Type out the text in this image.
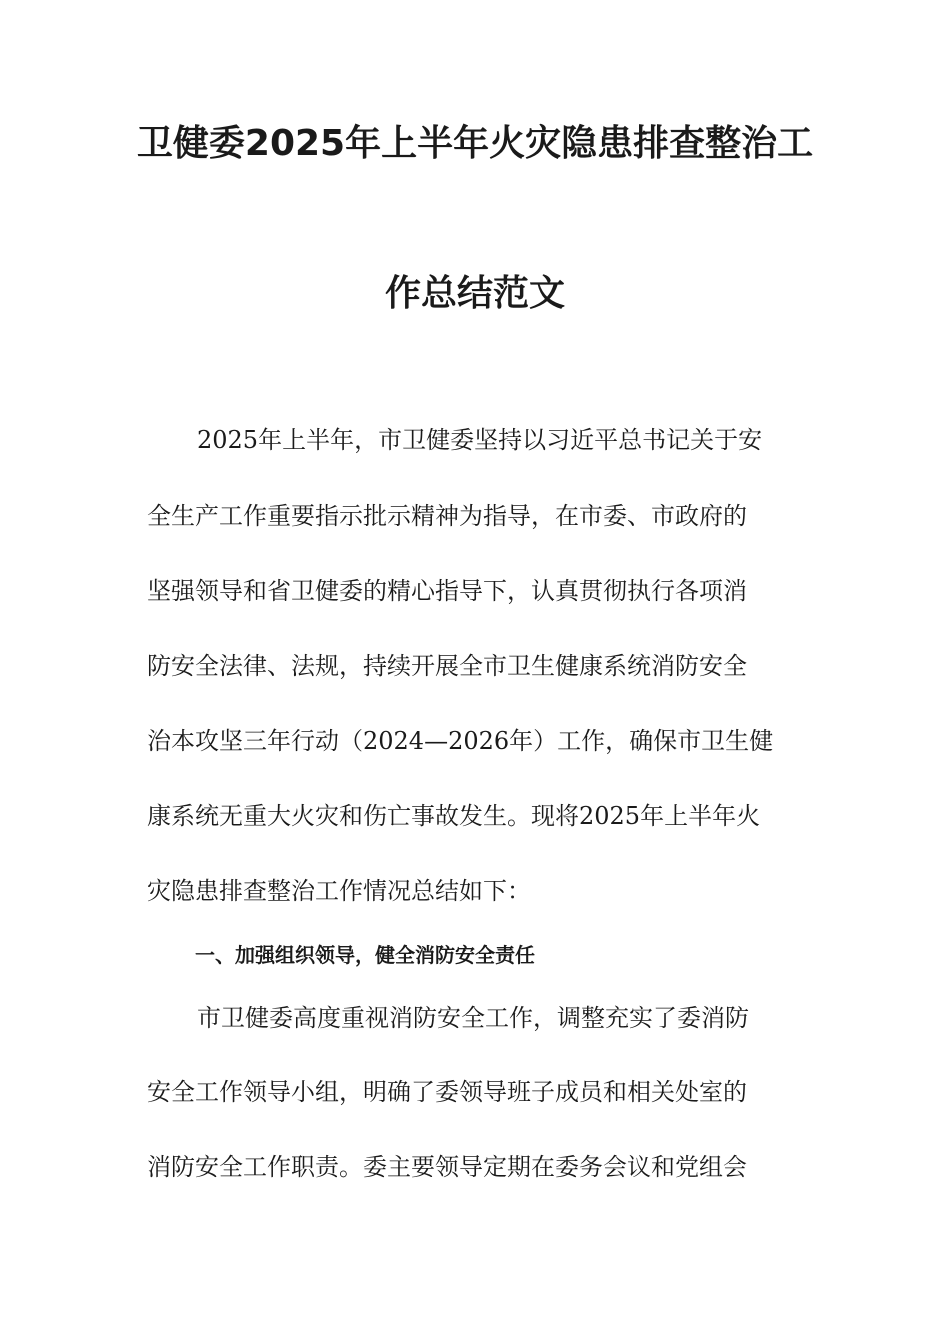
卫健委2025年上半年火灾隐患排查整治工
作总结范文
2025年上半年，市卫健委坚持以习近平总书记关于安
全生产工作重要指示批示精神为指导，在市委、市政府的
坚强领导和省卫健委的精心指导下，认真贯彻执行各项消
防安全法律、法规，持续开展全市卫生健康系统消防安全
治本攻坚三年行动（2024—2026年）工作，确保市卫生健
康系统无重大火灾和伤亡事故发生。现将2025年上半年火
灾隐患排查整治工作情况总结如下：
一、加强组织领导，健全消防安全责任
市卫健委高度重视消防安全工作，调整充实了委消防
安全工作领导小组，明确了委领导班子成员和相关处室的
消防安全工作职责。委主要领导定期在委务会议和党组会
